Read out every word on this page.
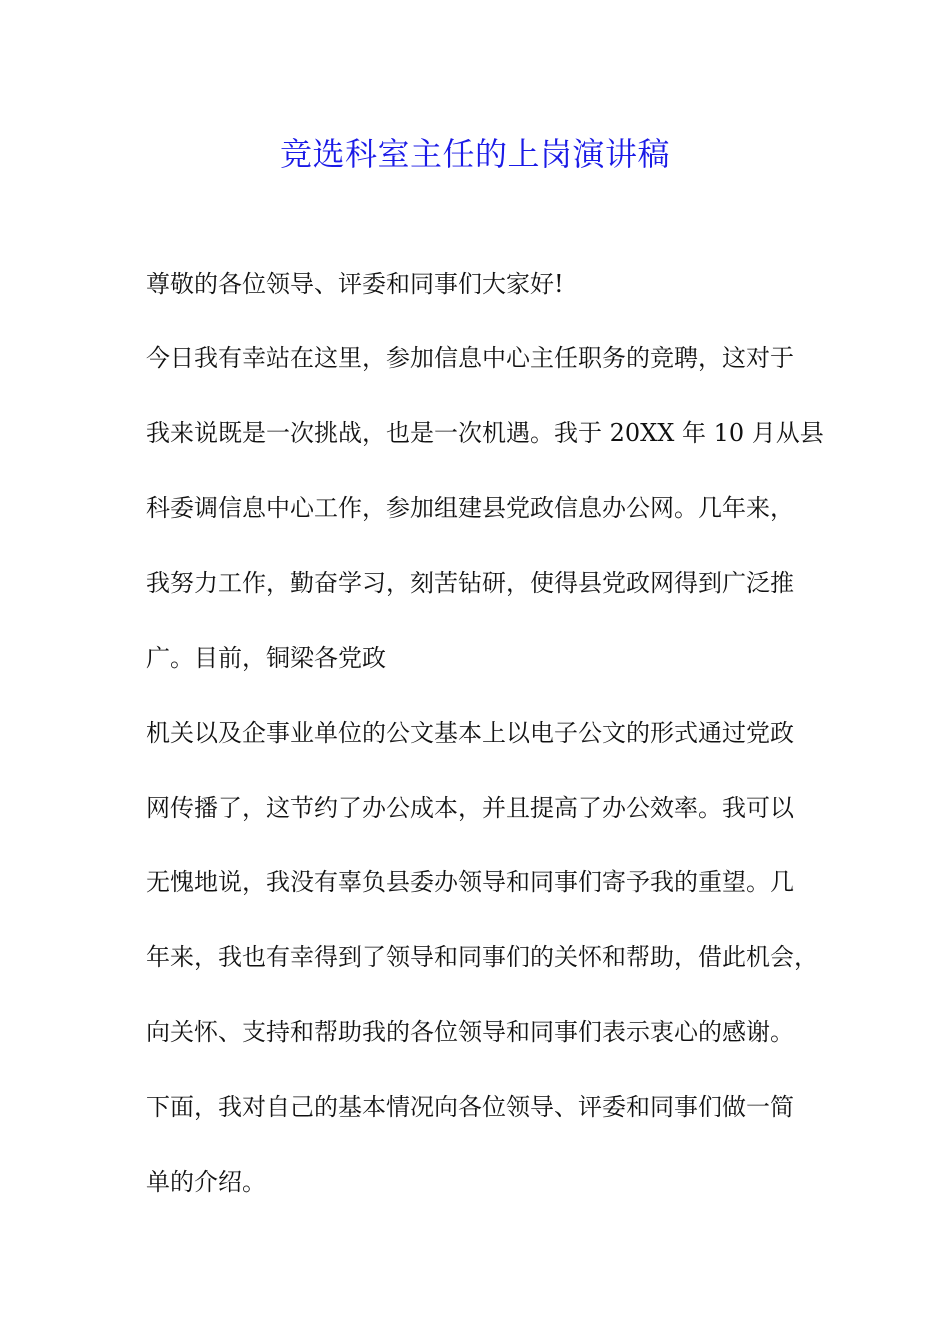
竞选科室主任的上岗演讲稿
尊敬的各位领导、评委和同事们大家好!
今日我有幸站在这里，参加信息中心主任职务的竞聘，这对于
我来说既是一次挑战，也是一次机遇。我于 20XX 年 10 月从县
科委调信息中心工作，参加组建县党政信息办公网。几年来，
我努力工作，勤奋学习，刻苦钻研，使得县党政网得到广泛推
广。目前，铜梁各党政
机关以及企事业单位的公文基本上以电子公文的形式通过党政
网传播了，这节约了办公成本，并且提高了办公效率。我可以
无愧地说，我没有辜负县委办领导和同事们寄予我的重望。几
年来，我也有幸得到了领导和同事们的关怀和帮助，借此机会，
向关怀、支持和帮助我的各位领导和同事们表示衷心的感谢。
下面，我对自己的基本情况向各位领导、评委和同事们做一简
单的介绍。
